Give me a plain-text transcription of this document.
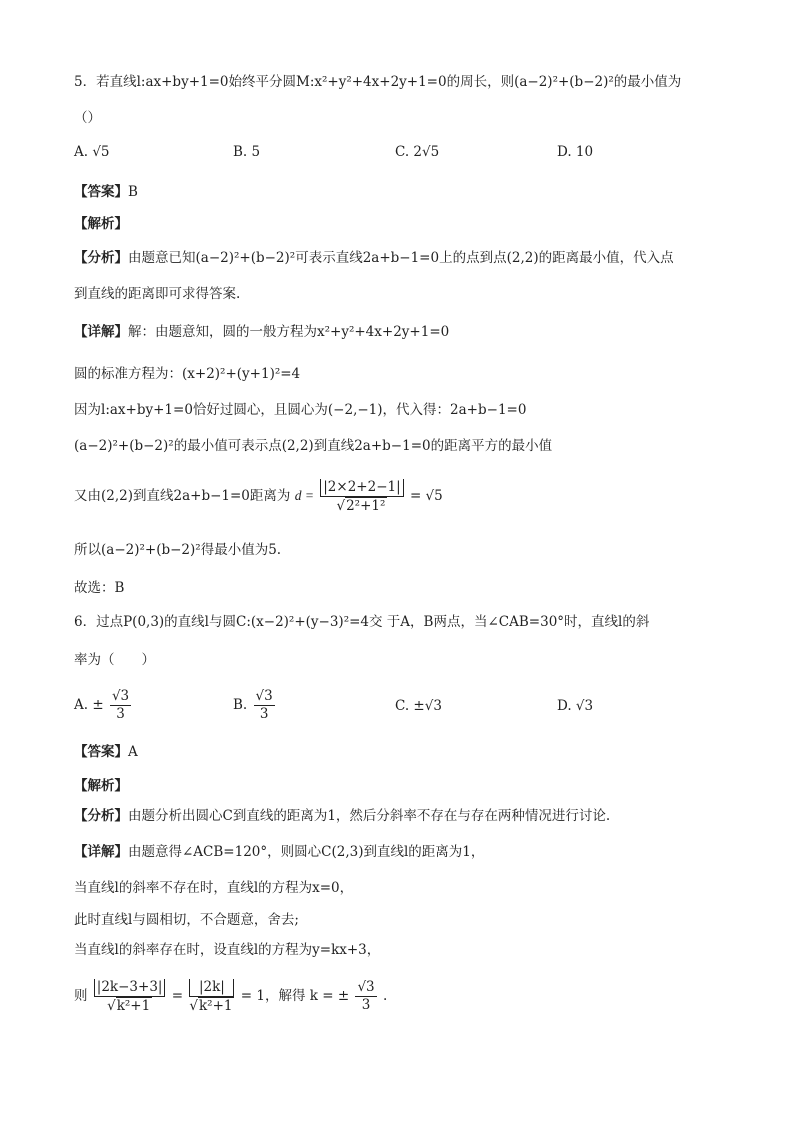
5．若直线l:ax+by+1=0始终平分圆M:x²+y²+4x+2y+1=0的周长，则(a−2)²+(b−2)²的最小值为
（）
A. √5	B. 5	C. 2√5	D. 10
【答案】B
【解析】
【分析】由题意已知(a−2)²+(b−2)²可表示直线2a+b−1=0上的点到点(2,2)的距离最小值，代入点
到直线的距离即可求得答案.
【详解】解：由题意知，圆的一般方程为x²+y²+4x+2y+1=0
圆的标准方程为：(x+2)²+(y+1)²=4
因为l:ax+by+1=0恰好过圆心，且圆心为(−2,−1)，代入得：2a+b−1=0
(a−2)²+(b−2)²的最小值可表示点(2,2)到直线2a+b−1=0的距离平方的最小值
又由(2,2)到直线2a+b−1=0距离为 $d = \frac{|2\times 2+2-1|}{\text{√2²+1²}} = √5$
所以(a−2)²+(b−2)²得最小值为5.
故选：B
6．过点P(0,3)的直线l与圆C:(x−2)²+(y−3)²=4交 于A，B两点，当∠CAB=30°时，直线l的斜
率为（　　）
A. ± $\frac{√3}{3}$	B. $\frac{√3}{3}$	C. ±√3	D. √3
【答案】A
【解析】
【分析】由题分析出圆心C到直线的距离为1，然后分斜率不存在与存在两种情况进行讨论.
【详解】由题意得∠ACB=120°，则圆心C(2,3)到直线l的距离为1，
当直线l的斜率不存在时，直线l的方程为x=0，
此时直线l与圆相切，不合题意，舍去;
当直线l的斜率存在时，设直线l的方程为y=kx+3，
则 $\frac{|2k-3+3|}{\text{√k²+1}} = \frac{|2k|}{\text{√k²+1}} = 1$，解得 k = ± $\frac{√3}{3}$ .
